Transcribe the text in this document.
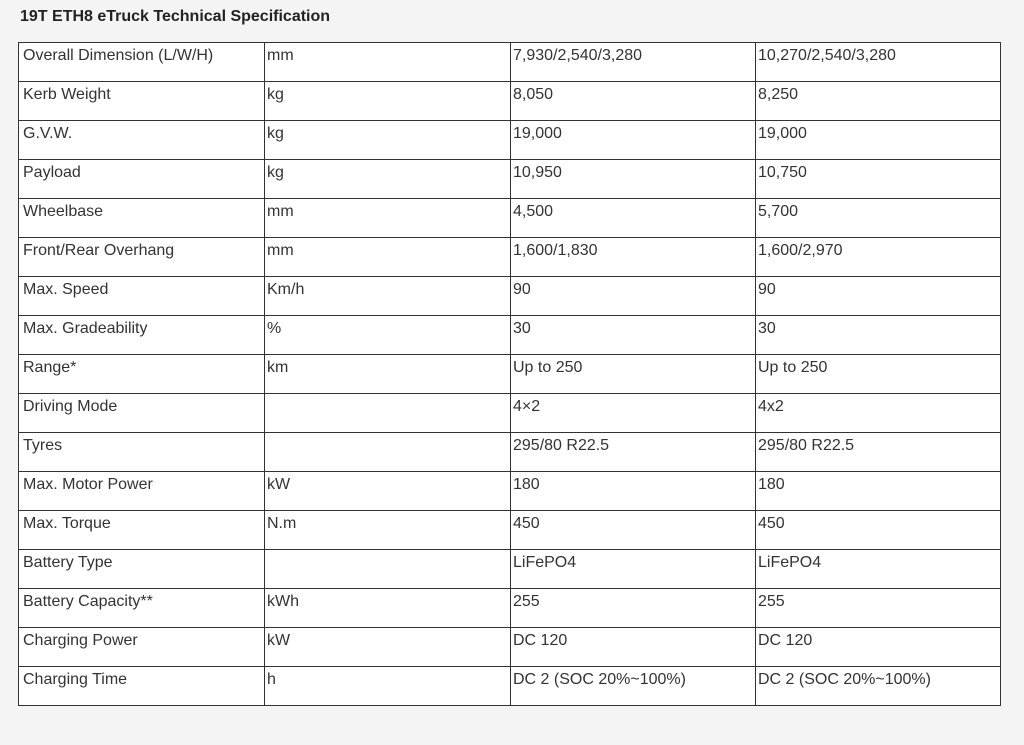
19T ETH8 eTruck Technical Specification
Overall Dimension (L/W/H)	mm	7,930/2,540/3,280	10,270/2,540/3,280
Kerb Weight	kg	8,050	8,250
G.V.W.	kg	19,000	19,000
Payload	kg	10,950	10,750
Wheelbase	mm	4,500	5,700
Front/Rear Overhang	mm	1,600/1,830	1,600/2,970
Max. Speed	Km/h	90	90
Max. Gradeability	%	30	30
Range*	km	Up to 250	Up to 250
Driving Mode		4×2	4x2
Tyres		295/80 R22.5	295/80 R22.5
Max. Motor Power	kW	180	180
Max. Torque	N.m	450	450
Battery Type		LiFePO4	LiFePO4
Battery Capacity**	kWh	255	255
Charging Power	kW	DC 120	DC 120
Charging Time	h	DC 2 (SOC 20%~100%)	DC 2 (SOC 20%~100%)
